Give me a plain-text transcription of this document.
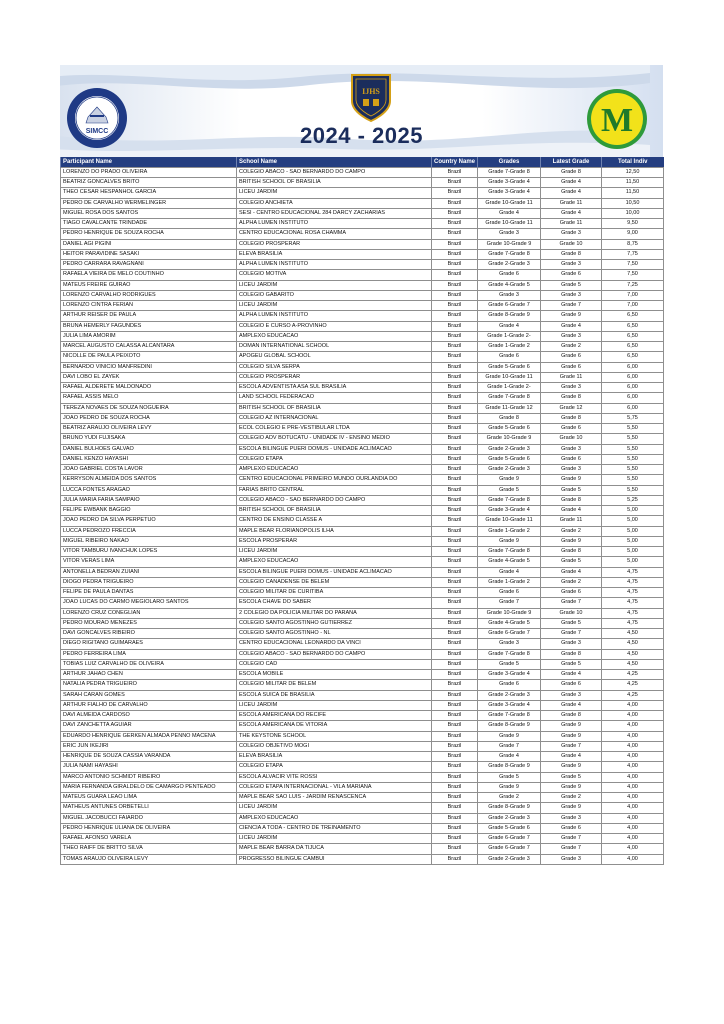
SIMCC
IJHS
M
2024 - 2025
Participant Name	School Name	Country Name	Grades	Latest Grade	Total Indiv
LORENZO DO PRADO OLIVEIRA	COLEGIO ABACO - SAO BERNARDO DO CAMPO	Brazil	Grade 7-Grade 8	Grade 8	12,50
BEATRIZ GONCALVES BRITO	BRITISH SCHOOL OF BRASILIA	Brazil	Grade 3-Grade 4	Grade 4	11,50
THEO CESAR HESPANHOL GARCIA	LICEU JARDIM	Brazil	Grade 3-Grade 4	Grade 4	11,50
PEDRO DE CARVALHO WERMELINGER	COLEGIO ANCHIETA	Brazil	Grade 10-Grade 11	Grade 11	10,50
MIGUEL ROSA DOS SANTOS	SESI - CENTRO EDUCACIONAL 284 DARCY ZACHARIAS	Brazil	Grade 4	Grade 4	10,00
TIAGO CAVALCANTE TRINDADE	ALPHA LUMEN INSTITUTO	Brazil	Grade 10-Grade 11	Grade 11	9,50
PEDRO HENRIQUE DE SOUZA ROCHA	CENTRO EDUCACIONAL ROSA CHAMMA	Brazil	Grade 3	Grade 3	9,00
DANIEL AGI PIGINI	COLEGIO PROSPERAR	Brazil	Grade 10-Grade 9	Grade 10	8,75
HEITOR PARAVIDINE SASAKI	ELEVA BRASILIA	Brazil	Grade 7-Grade 8	Grade 8	7,75
PEDRO CARRARA RAVAGNANI	ALPHA LUMEN INSTITUTO	Brazil	Grade 2-Grade 3	Grade 3	7,50
RAFAELA VIEIRA DE MELO COUTINHO	COLEGIO MOTIVA	Brazil	Grade 6	Grade 6	7,50
MATEUS FREIRE GUIRAO	LICEU JARDIM	Brazil	Grade 4-Grade 5	Grade 5	7,25
LORENZO CARVALHO RODRIGUES	COLEGIO GABARITO	Brazil	Grade 3	Grade 3	7,00
LORENZO CINTRA FERIAN	LICEU JARDIM	Brazil	Grade 6-Grade 7	Grade 7	7,00
ARTHUR REISER DE PAULA	ALPHA LUMEN INSTITUTO	Brazil	Grade 8-Grade 9	Grade 9	6,50
BRUNA HEMERLY FAGUNDES	COLEGIO E CURSO A-PROVINHO	Brazil	Grade 4	Grade 4	6,50
JULIA LIMA AMORIM	AMPLEXO EDUCACAO	Brazil	Grade 1-Grade 2-	Grade 3	6,50
MARCEL AUGUSTO CALASSA ALCANTARA	DOMAN INTERNATIONAL SCHOOL	Brazil	Grade 1-Grade 2	Grade 2	6,50
NICOLLE DE PAULA PEIXOTO	APOGEU GLOBAL SCHOOL	Brazil	Grade 6	Grade 6	6,50
BERNARDO VINICIO MANFREDINI	COLEGIO SILVA SERPA	Brazil	Grade 5-Grade 6	Grade 6	6,00
DAVI LOBO EL ZAYEK	COLEGIO PROSPERAR	Brazil	Grade 10-Grade 11	Grade 11	6,00
RAFAEL ALDERETE MALDONADO	ESCOLA ADVENTISTA ASA SUL BRASILIA	Brazil	Grade 1-Grade 2-	Grade 3	6,00
RAFAEL ASSIS MELO	LAND SCHOOL FEDERACAO	Brazil	Grade 7-Grade 8	Grade 8	6,00
TEREZA NOVAES DE SOUZA NOGUEIRA	BRITISH SCHOOL OF BRASILIA	Brazil	Grade 11-Grade 12	Grade 12	6,00
JOAO PEDRO DE SOUZA ROCHA	COLEGIO AZ INTERNACIONAL	Brazil	Grade 8	Grade 8	5,75
BEATRIZ ARAUJO OLIVEIRA LEVY	ECOL COLEGIO E PRE-VESTIBULAR LTDA	Brazil	Grade 5-Grade 6	Grade 6	5,50
BRUNO YUDI FUJISAKA	COLEGIO ADV BOTUCATU - UNIDADE IV - ENSINO MEDIO	Brazil	Grade 10-Grade 9	Grade 10	5,50
DANIEL BULHOES GALVAO	ESCOLA BILINGUE PUERI DOMUS - UNIDADE ACLIMACAO	Brazil	Grade 2-Grade 3	Grade 3	5,50
DANIEL KENZO HAYASHI	COLEGIO ETAPA	Brazil	Grade 5-Grade 6	Grade 6	5,50
JOAO GABRIEL COSTA LAVOR	AMPLEXO EDUCACAO	Brazil	Grade 2-Grade 3	Grade 3	5,50
KERRYSON ALMEIDA DOS SANTOS	CENTRO EDUCACIONAL PRIMEIRO MUNDO OURLANDIA DO	Brazil	Grade 9	Grade 9	5,50
LUCCA FONTES ARAGAO	FARIAS BRITO CENTRAL	Brazil	Grade 5	Grade 5	5,50
JULIA MARIA FARIA SAMPAIO	COLEGIO ABACO - SAO BERNARDO DO CAMPO	Brazil	Grade 7-Grade 8	Grade 8	5,25
FELIPE EWBANK BAGGIO	BRITISH SCHOOL OF BRASILIA	Brazil	Grade 3-Grade 4	Grade 4	5,00
JOAO PEDRO DA SILVA PERPETUO	CENTRO DE ENSINO CLASSE A	Brazil	Grade 10-Grade 11	Grade 11	5,00
LUCCA PEDROZO FRECCIA	MAPLE BEAR FLORIANOPOLIS ILHA	Brazil	Grade 1-Grade 2	Grade 2	5,00
MIGUEL RIBEIRO NAKAO	ESCOLA PROSPERAR	Brazil	Grade 9	Grade 9	5,00
VITOR TAMBURU IVANCHUK LOPES	LICEU JARDIM	Brazil	Grade 7-Grade 8	Grade 8	5,00
VITOR VERAS LIMA	AMPLEXO EDUCACAO	Brazil	Grade 4-Grade 5	Grade 5	5,00
ANTONELLA BEDRAN ZUIANI	ESCOLA BILINGUE PUERI DOMUS - UNIDADE ACLIMACAO	Brazil	Grade 4	Grade 4	4,75
DIOGO PEDRA TRIGUEIRO	COLEGIO CANADENSE DE BELEM	Brazil	Grade 1-Grade 2	Grade 2	4,75
FELIPE DE PAULA DANTAS	COLEGIO MILITAR DE CURITIBA	Brazil	Grade 6	Grade 6	4,75
JOAO LUCAS DO CARMO MEGIOLARO SANTOS	ESCOLA CHAVE DO SABER	Brazil	Grade 7	Grade 7	4,75
LORENZO CRUZ CONEGLIAN	2 COLEGIO DA POLICIA MILITAR DO PARANA	Brazil	Grade 10-Grade 9	Grade 10	4,75
PEDRO MOURAO MENEZES	COLEGIO SANTO AGOSTINHO GUTIERREZ	Brazil	Grade 4-Grade 5	Grade 5	4,75
DAVI GONCALVES RIBEIRO	COLEGIO SANTO AGOSTINHO - NL	Brazil	Grade 6-Grade 7	Grade 7	4,50
DIEGO RIGITANO GUIMARAES	CENTRO EDUCACIONAL LEONARDO DA VINCI	Brazil	Grade 3	Grade 3	4,50
PEDRO FERREIRA LIMA	COLEGIO ABACO - SAO BERNARDO DO CAMPO	Brazil	Grade 7-Grade 8	Grade 8	4,50
TOBIAS LUIZ CARVALHO DE OLIVEIRA	COLEGIO CAD	Brazil	Grade 5	Grade 5	4,50
ARTHUR JAHAO CHEN	ESCOLA MOBILE	Brazil	Grade 3-Grade 4	Grade 4	4,25
NATALIA PEDRA TRIGUEIRO	COLEGIO MILITAR DE BELEM	Brazil	Grade 6	Grade 6	4,25
SARAH CARAN GOMES	ESCOLA SUICA DE BRASILIA	Brazil	Grade 2-Grade 3	Grade 3	4,25
ARTHUR FIALHO DE CARVALHO	LICEU JARDIM	Brazil	Grade 3-Grade 4	Grade 4	4,00
DAVI ALMEIDA CARDOSO	ESCOLA AMERICANA DO RECIFE	Brazil	Grade 7-Grade 8	Grade 8	4,00
DAVI ZANCHETTA AGUIAR	ESCOLA AMERICANA DE VITORIA	Brazil	Grade 8-Grade 9	Grade 9	4,00
EDUARDO HENRIQUE GERKEN ALMADA PENNO MACENA	THE KEYSTONE SCHOOL	Brazil	Grade 9	Grade 9	4,00
ERIC JUN IKEJIRI	COLEGIO OBJETIVO MOGI	Brazil	Grade 7	Grade 7	4,00
HENRIQUE DE SOUZA CASSIA VARANDA	ELEVA BRASILIA	Brazil	Grade 4	Grade 4	4,00
JULIA NAMI HAYASHI	COLEGIO ETAPA	Brazil	Grade 8-Grade 9	Grade 9	4,00
MARCO ANTONIO SCHMIDT RIBEIRO	ESCOLA ALVACIR VITE ROSSI	Brazil	Grade 5	Grade 5	4,00
MARIA FERNANDA GIRALDELO DE CAMARGO PENTEADO	COLEGIO ETAPA INTERNACIONAL - VILA MARIANA	Brazil	Grade 9	Grade 9	4,00
MATEUS GUARA LEAO LIMA	MAPLE BEAR SAO LUIS - JARDIM RENASCENCA	Brazil	Grade 2	Grade 2	4,00
MATHEUS ANTUNES ORBETELLI	LICEU JARDIM	Brazil	Grade 8-Grade 9	Grade 9	4,00
MIGUEL JACOBUCCI FAIARDO	AMPLEXO EDUCACAO	Brazil	Grade 2-Grade 3	Grade 3	4,00
PEDRO HENRIQUE ULIANA DE OLIVEIRA	CIENCIA A TODA - CENTRO DE TREINAMENTO	Brazil	Grade 5-Grade 6	Grade 6	4,00
RAFAEL AFONSO VARELA	LICEU JARDIM	Brazil	Grade 6-Grade 7	Grade 7	4,00
THEO RAIFF DE BRITTO SILVA	MAPLE BEAR BARRA DA TIJUCA	Brazil	Grade 6-Grade 7	Grade 7	4,00
TOMAS ARAUJO OLIVEIRA LEVY	PROGRESSO BILINGUE CAMBUI	Brazil	Grade 2-Grade 3	Grade 3	4,00
